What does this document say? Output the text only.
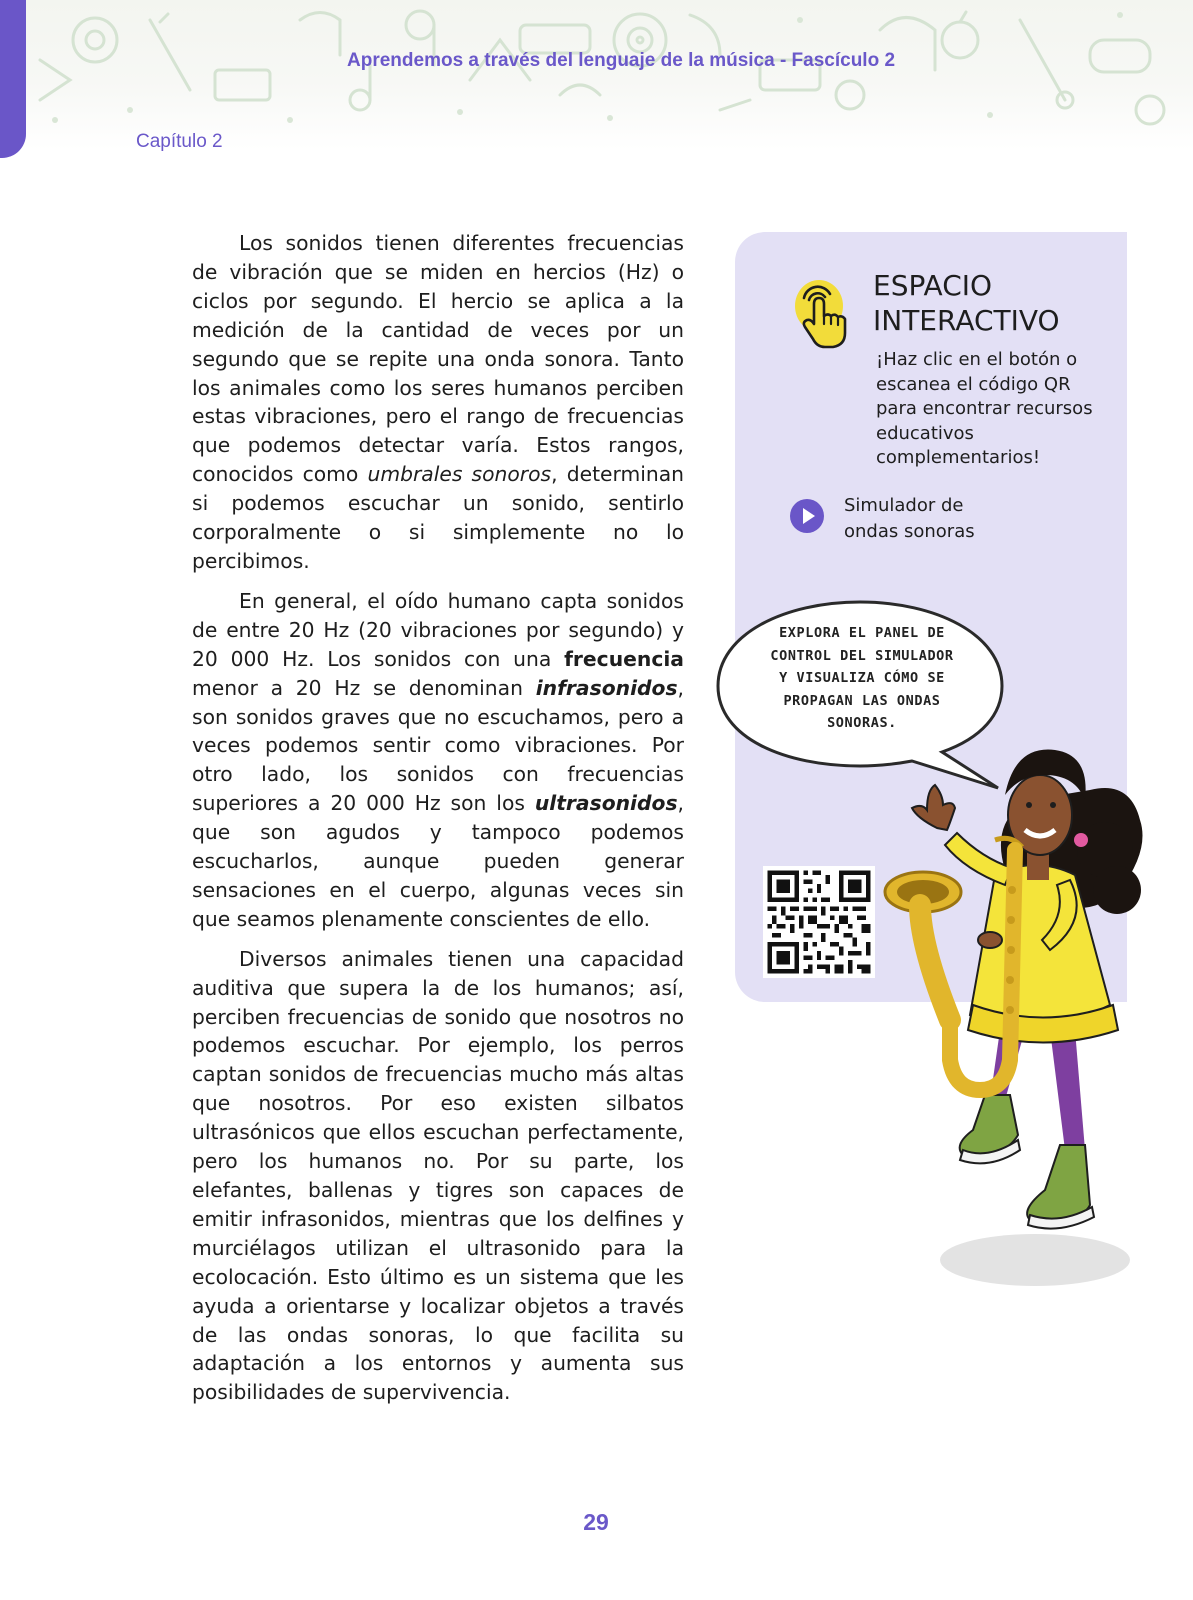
Aprendemos a través del lenguaje de la música - Fascículo 2
Capítulo 2

Los sonidos tienen diferentes frecuencias de vibración que se miden en hercios (Hz) o ciclos por segundo. El hercio se aplica a la medición de la cantidad de veces por un segundo que se repite una onda sonora. Tanto los animales como los seres humanos perciben estas vibraciones, pero el rango de frecuencias que podemos detectar varía. Estos rangos, conocidos como umbrales sonoros, determinan si podemos escuchar un sonido, sentirlo corporalmente o si simplemente no lo percibimos.

En general, el oído humano capta sonidos de entre 20 Hz (20 vibraciones por segundo) y 20 000 Hz. Los sonidos con una frecuencia menor a 20 Hz se denominan infrasonidos, son sonidos graves que no escuchamos, pero a veces podemos sentir como vibraciones. Por otro lado, los sonidos con frecuencias superiores a 20 000 Hz son los ultrasonidos, que son agudos y tampoco podemos escucharlos, aunque pueden generar sensaciones en el cuerpo, algunas veces sin que seamos plenamente conscientes de ello.

Diversos animales tienen una capacidad auditiva que supera la de los humanos; así, perciben frecuencias de sonido que nosotros no podemos escuchar. Por ejemplo, los perros captan sonidos de frecuencias mucho más altas que nosotros. Por eso existen silbatos ultrasónicos que ellos escuchan perfectamente, pero los humanos no. Por su parte, los elefantes, ballenas y tigres son capaces de emitir infrasonidos, mientras que los delfines y murciélagos utilizan el ultrasonido para la ecolocación. Esto último es un sistema que les ayuda a orientarse y localizar objetos a través de las ondas sonoras, lo que facilita su adaptación a los entornos y aumenta sus posibilidades de supervivencia.

ESPACIO
INTERACTIVO
¡Haz clic en el botón o escanea el código QR para encontrar recursos educativos complementarios!
Simulador de
ondas sonoras
EXPLORA EL PANEL DE
CONTROL DEL SIMULADOR
Y VISUALIZA CÓMO SE
PROPAGAN LAS ONDAS
SONORAS.
29
